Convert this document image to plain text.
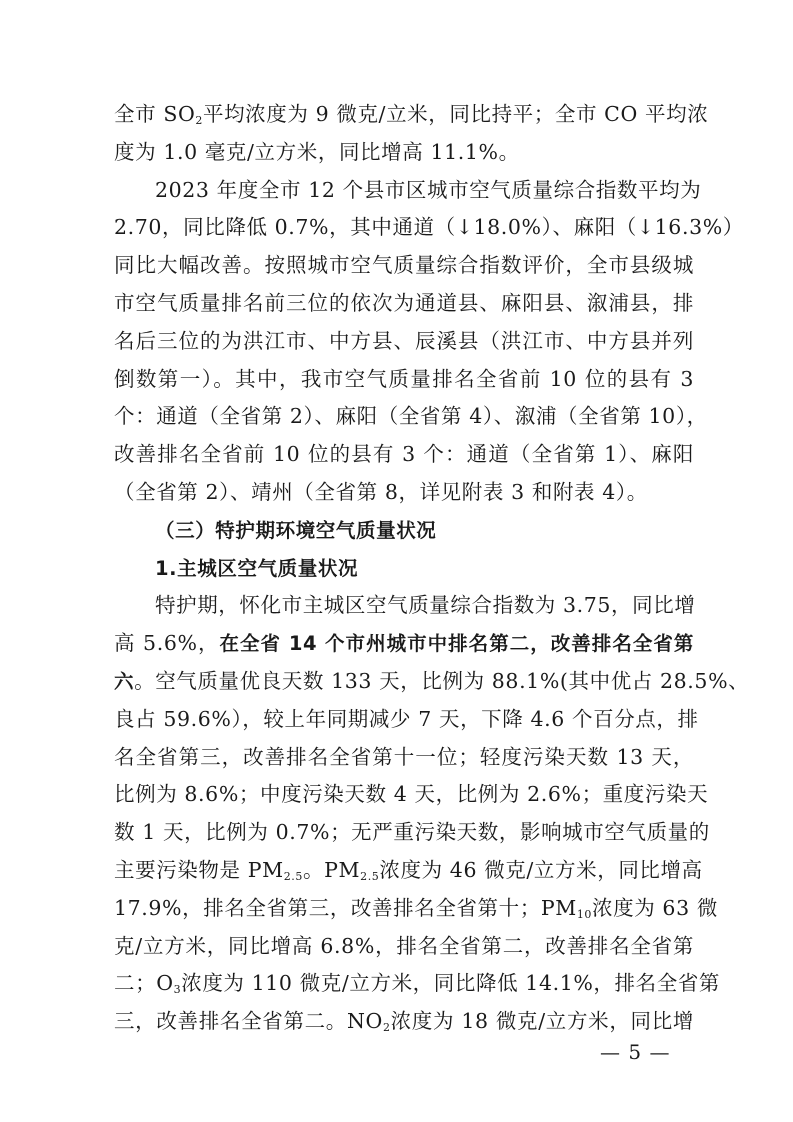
全市 $SO_2$平均浓度为 9 微克/立米，同比持平；全市 CO 平均浓
度为 1.0 毫克/立方米，同比增高 11.1%。
2023 年度全市 12 个县市区城市空气质量综合指数平均为
2.70，同比降低 0.7%，其中通道（↓18.0%）、麻阳（↓16.3%）
同比大幅改善。按照城市空气质量综合指数评价，全市县级城
市空气质量排名前三位的依次为通道县、麻阳县、溆浦县，排
名后三位的为洪江市、中方县、辰溪县（洪江市、中方县并列
倒数第一）。其中，我市空气质量排名全省前 10 位的县有 3
个：通道（全省第 2）、麻阳（全省第 4）、溆浦（全省第 10），
改善排名全省前 10 位的县有 3 个：通道（全省第 1）、麻阳
（全省第 2）、靖州（全省第 8，详见附表 3 和附表 4）。
（三）特护期环境空气质量状况
1.主城区空气质量状况
特护期，怀化市主城区空气质量综合指数为 3.75，同比增
高 5.6%，在全省 14 个市州城市中排名第二，改善排名全省第
六。空气质量优良天数 133 天，比例为 88.1%(其中优占 28.5%、
良占 59.6%），较上年同期减少 7 天，下降 4.6 个百分点，排
名全省第三，改善排名全省第十一位；轻度污染天数 13 天，
比例为 8.6%；中度污染天数 4 天，比例为 2.6%；重度污染天
数 1 天，比例为 0.7%；无严重污染天数，影响城市空气质量的
主要污染物是 $PM_{2.5}$。$PM_{2.5}$浓度为 46 微克/立方米，同比增高
17.9%，排名全省第三，改善排名全省第十；$PM_{10}$浓度为 63 微
克/立方米，同比增高 6.8%，排名全省第二，改善排名全省第
二；$O_3$浓度为 110 微克/立方米，同比降低 14.1%，排名全省第
三，改善排名全省第二。$NO_2$浓度为 18 微克/立方米，同比增
— 5 —
